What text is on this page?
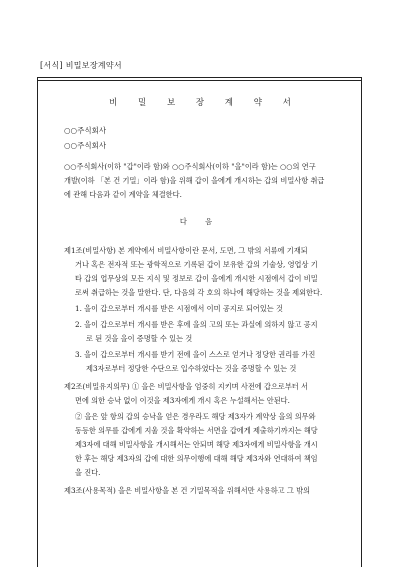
[서식] 비밀보장계약서
비 밀 보 장 계 약 서
○○주식회사
○○주식회사
○○주식회사(이하 "갑"이라 함)와 ○○주식회사(이하 "을"이라 함)는 ○○의 연구
개발(이하 「본 건 기밀」이라 함)을 위해 갑이 을에게 개시하는 갑의 비밀사항 취급
에 관해 다음과 같이 계약을 체결한다.
다 음
제1조(비밀사항) 본 계약에서 비밀사항이란 문서, 도면, 그 밖의 서류에 기재되
거나 혹은 전자적 또는 광학적으로 기록된 갑이 보유한 갑의 기술상, 영업상 기
타 갑의 업무상의 모든 지식 및 정보로 갑이 을에게 개시한 시점에서 갑이 비밀
로써 취급하는 것을 말한다. 단, 다음의 각 호의 하나에 해당하는 것을 제외한다.
1. 을이 갑으로부터 개시를 받은 시점에서 이미 공지로 되어있는 것
2. 을이 갑으로부터 개시를 받은 후에 을의 고의 또는 과실에 의하지 않고 공지
로 된 것을 을이 증명할 수 있는 것
3. 을이 갑으로부터 개시를 받기 전에 을이 스스로 얻거나 정당한 권리를 가진
제3자로부터 정당한 수단으로 입수하였다는 것을 증명할 수 있는 것
제2조(비밀유지의무) ① 을은 비밀사항을 엄중히 지키며 사전에 갑으로부터 서
면에 의한 승낙 없이 이것을 제3자에게 개시 혹은 누설해서는 안된다.
② 을은 앞 항의 갑의 승낙을 얻은 경우라도 해당 제3자가 계약상 을의 의무와
동등한 의무를 갑에게 지울 것을 확약하는 서면을 갑에게 제출하기까지는 해당
제3자에 대해 비밀사항을 개시해서는 안되며 해당 제3자에게 비밀사항을 개시
한 후는 해당 제3자의 갑에 대한 의무이행에 대해 해당 제3자와 연대하여 책임
을 진다.
제3조(사용목적) 을은 비밀사항을 본 건 기밀목적을 위해서만 사용하고 그 밖의
